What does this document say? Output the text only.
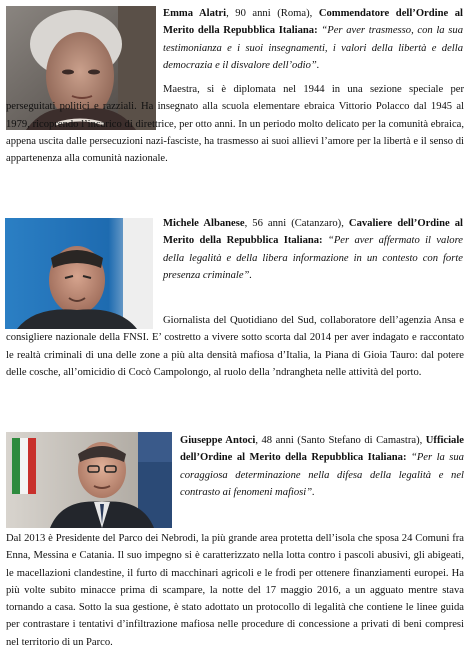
Emma Alatri, 90 anni (Roma), Commendatore dell’Ordine al Merito della Repubblica Italiana: “Per aver trasmesso, con la sua testimonianza e i suoi insegnamenti, i valori della libertà e della democrazia e il disvalore dell’odio”.

Maestra, si è diplomata nel 1944 in una sezione speciale per perseguitati politici e razziali. Ha insegnato alla scuola elementare ebraica Vittorio Polacco dal 1945 al 1979, ricoprendo l’incarico di direttrice, per otto anni. In un periodo molto delicato per la comunità ebraica, appena uscita dalle persecuzioni nazi-fasciste, ha trasmesso ai suoi allievi l’amore per la libertà e il senso di appartenenza alla comunità nazionale.

Michele Albanese, 56 anni (Catanzaro), Cavaliere dell’Ordine al Merito della Repubblica Italiana: “Per aver affermato il valore della legalità e della libera informazione in un contesto con forte presenza criminale”.

Giornalista del Quotidiano del Sud, collaboratore dell’agenzia Ansa e consigliere nazionale della FNSI. E’ costretto a vivere sotto scorta dal 2014 per aver indagato e raccontato le realtà criminali di una delle zone a più alta densità mafiosa d’Italia, la Piana di Gioia Tauro: dal potere delle cosche, all’omicidio di Cocò Campolongo, al ruolo della ’ndrangheta nelle attività del porto.

Giuseppe Antoci, 48 anni (Santo Stefano di Camastra), Ufficiale dell’Ordine al Merito della Repubblica Italiana: “Per la sua coraggiosa determinazione nella difesa della legalità e nel contrasto ai fenomeni mafiosi”.

Dal 2013 è Presidente del Parco dei Nebrodi, la più grande area protetta dell’isola che sposa 24 Comuni fra Enna, Messina e Catania. Il suo impegno si è caratterizzato nella lotta contro i pascoli abusivi, gli abigeati, le macellazioni clandestine, il furto di macchinari agricoli e le frodi per ottenere finanziamenti europei. Ha più volte subito minacce prima di scampare, la notte del 17 maggio 2016, a un agguato mentre stava tornando a casa. Sotto la sua gestione, è stato adottato un protocollo di legalità che contiene le linee guida per contrastare i tentativi d’infiltrazione mafiosa nelle procedure di concessione a privati di beni compresi nel territorio di un Parco.
